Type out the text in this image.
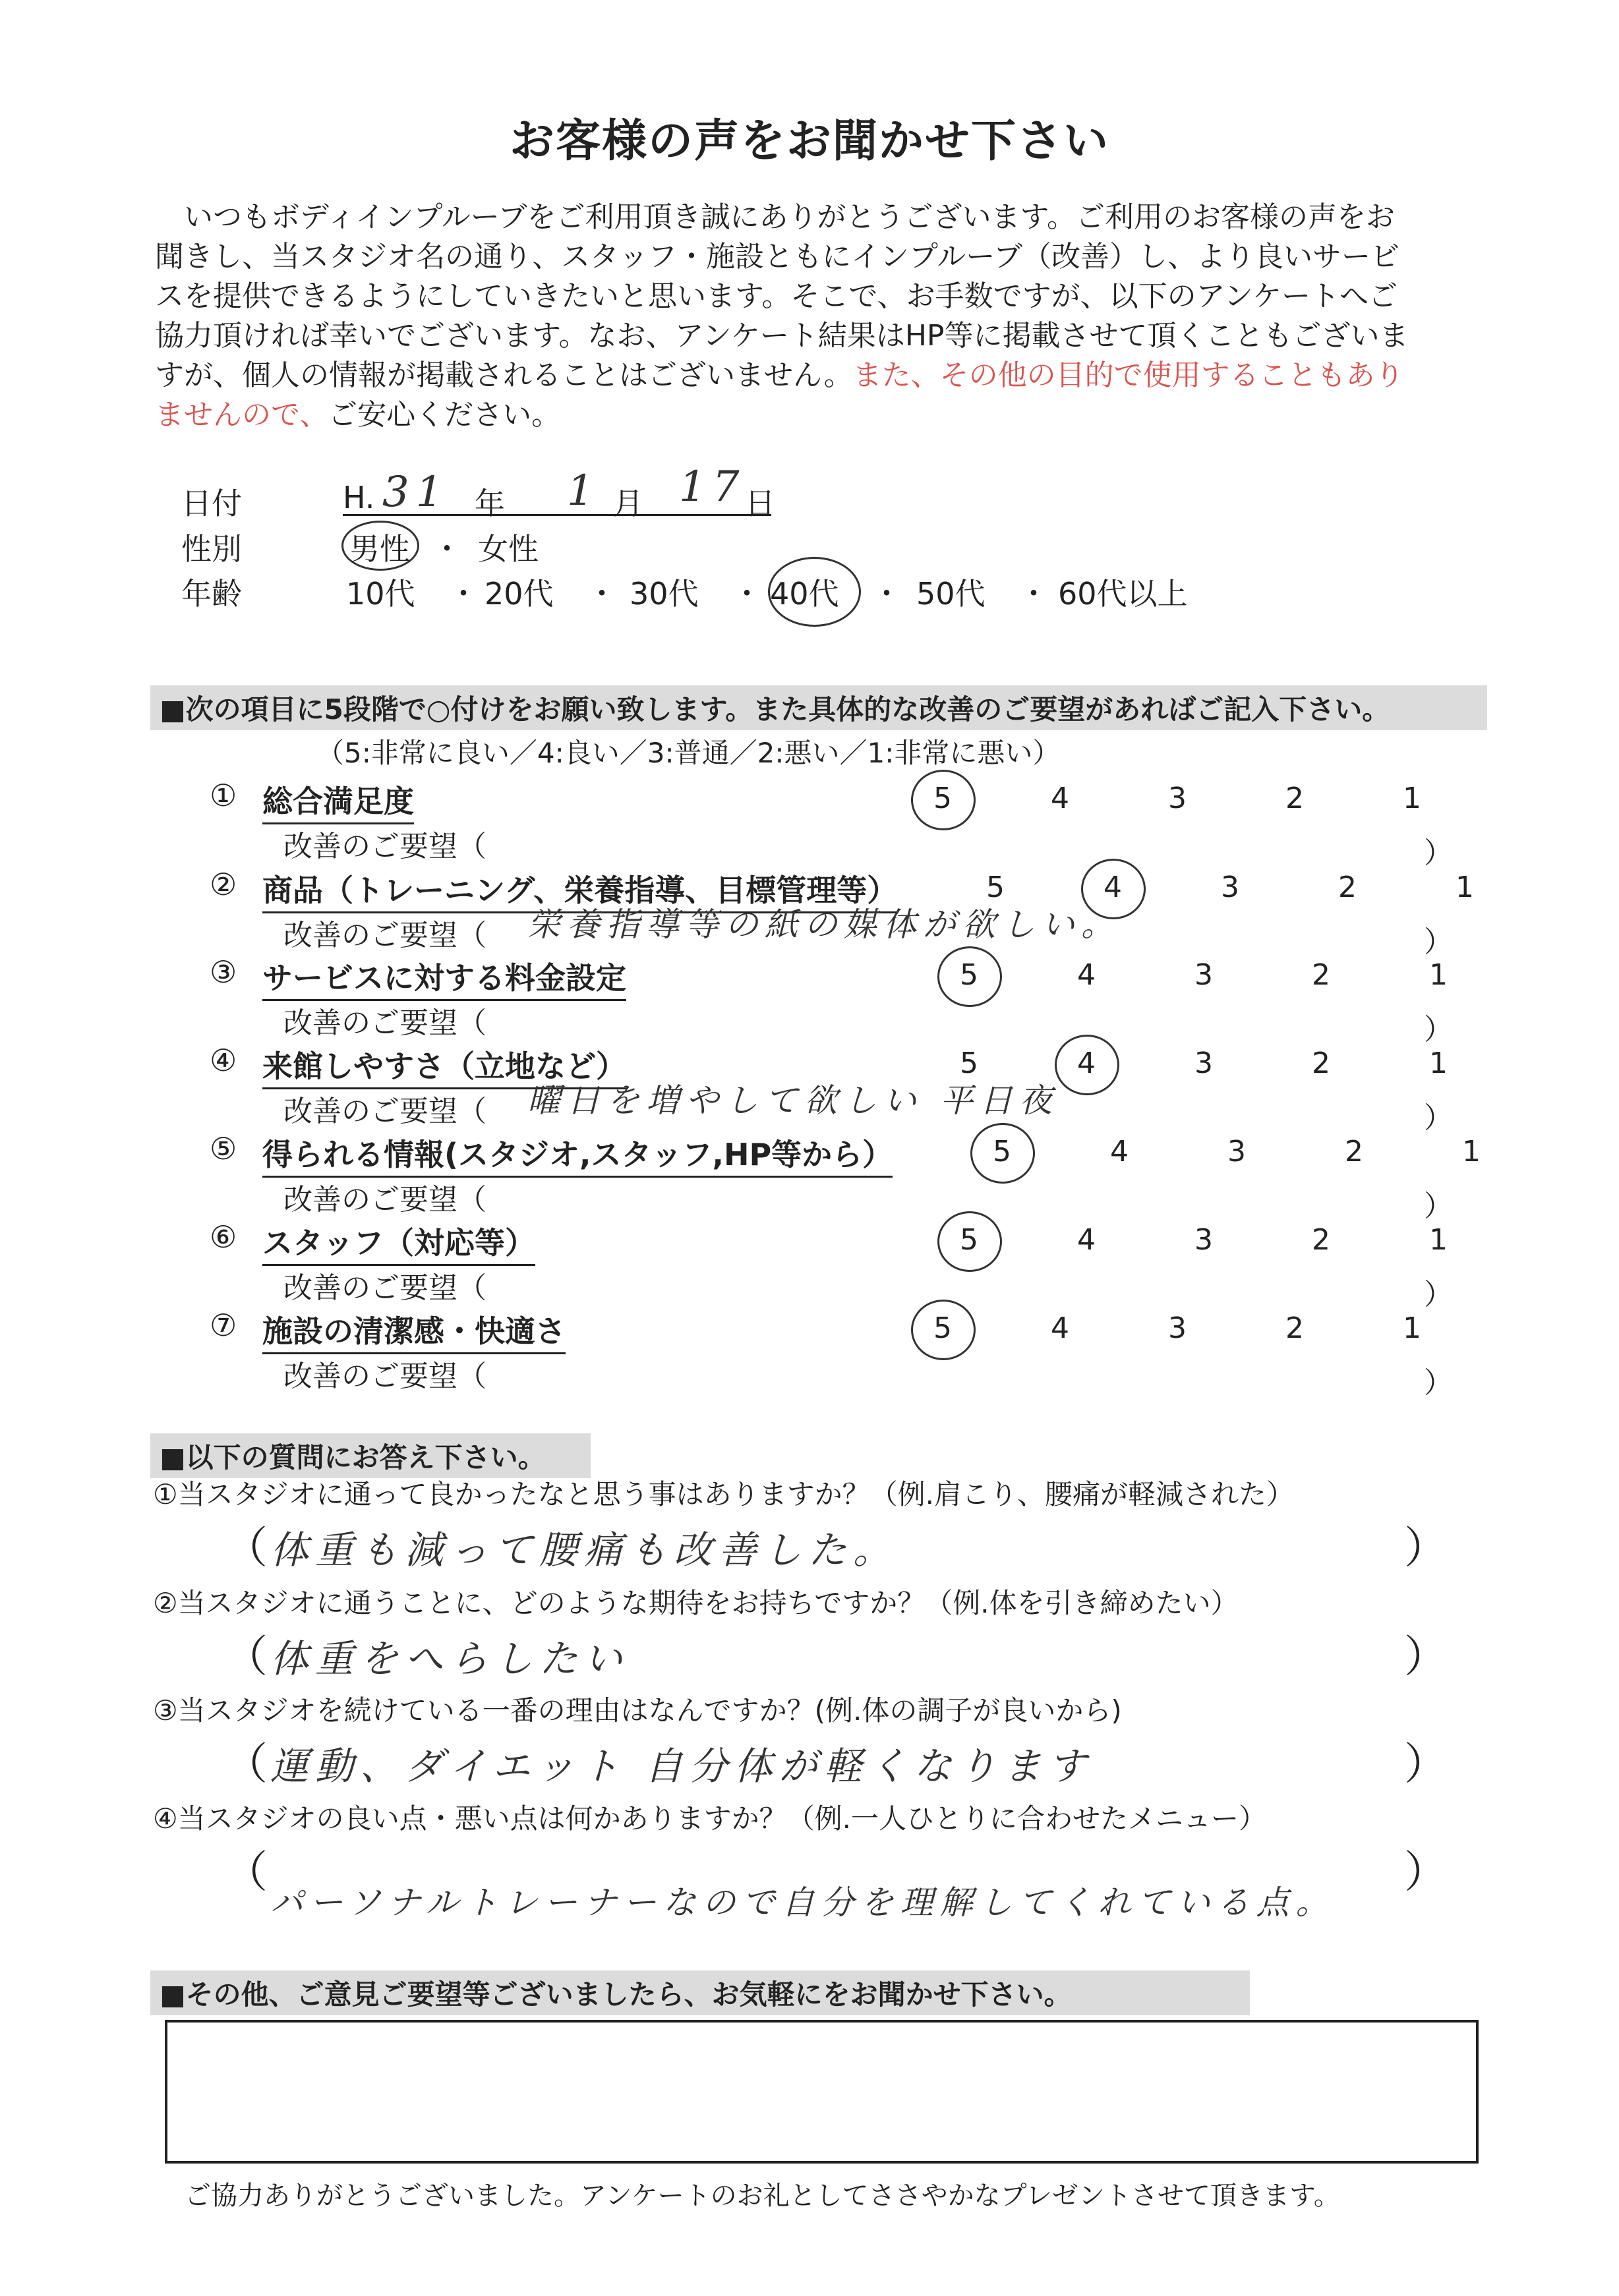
お客様の声をお聞かせ下さい

いつもボディインプルーブをご利用頂き誠にありがとうございます。ご利用のお客様の声をお

聞きし、当スタジオ名の通り、スタッフ・施設ともにインプルーブ（改善）し、より良いサービ

スを提供できるようにしていきたいと思います。そこで、お手数ですが、以下のアンケートへご

協力頂ければ幸いでございます。なお、アンケート結果はHP等に掲載させて頂くこともございま

すが、個人の情報が掲載されることはございません。また、その他の目的で使用することもあり

ませんので、ご安心ください。

日付	H. 31 年 1 月 17
日
性別	男性 ・ 女性
年齢	10代 ・ 20代 ・ 30代 ・ 40代 ・ 50代 ・ 60代以上
■次の項目に5段階で○付けをお願い致します。また具体的な改善のご要望があればご記入下さい。
（5:非常に良い／4:良い／3:普通／2:悪い／1:非常に悪い）
① 総合満足度	5	4	3	2	1
改善のご要望（	）
② 商品（トレーニング、栄養指導、目標管理等）	5	4	3	2	1
改善のご要望（ 栄養指導等の紙の媒体が欲しい。	）
③ サービスに対する料金設定	5	4	3	2	1
改善のご要望（	）
④ 来館しやすさ（立地など）	5	4	3	2	1
改善のご要望（ 曜日を増やして欲しい 平日夜	）
⑤ 得られる情報(スタジオ,スタッフ,HP等から）	5	4	3	2	1
改善のご要望（	）
⑥ スタッフ（対応等）	5	4	3	2	1
改善のご要望（	）
⑦ 施設の清潔感・快適さ	5	4	3	2	1
改善のご要望（	）
■以下の質問にお答え下さい。
①当スタジオに通って良かったなと思う事はありますか？（例.肩こり、腰痛が軽減された）
（ 体重も減って腰痛も改善した。	）
②当スタジオに通うことに、どのような期待をお持ちですか？（例.体を引き締めたい）
（ 体重をへらしたい	）
③当スタジオを続けている一番の理由はなんですか？(例.体の調子が良いから)
（ 運動、ダイエット 自分体が軽くなります	）
④当スタジオの良い点・悪い点は何かありますか？（例.一人ひとりに合わせたメニュー）
（
パーソナルトレーナーなので自分を理解してくれている点。
）
■その他、ご意見ご要望等ございましたら、お気軽にをお聞かせ下さい。
ご協力ありがとうございました。アンケートのお礼としてささやかなプレゼントさせて頂きます。
